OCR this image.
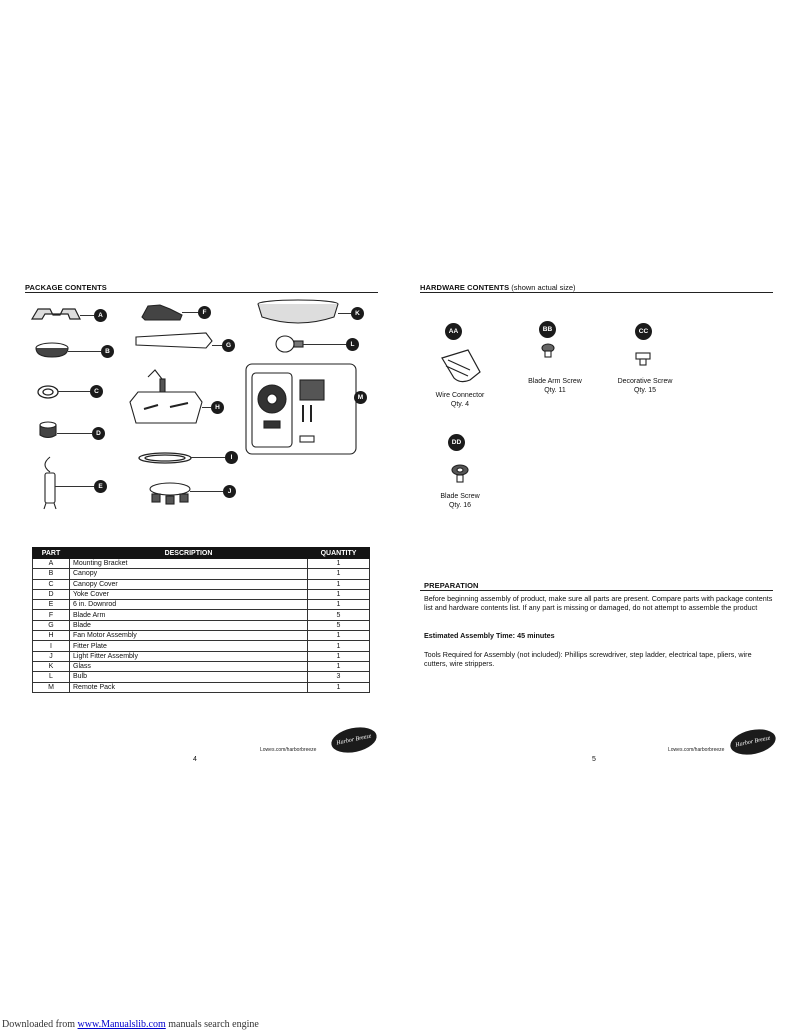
PACKAGE CONTENTS
A
B
C
D
E
F
G
H
I
J
K
L
M
PART	DESCRIPTION	QUANTITY
A	Mounting Bracket	1
B	Canopy	1
C	Canopy Cover	1
D	Yoke Cover	1
E	6 in. Downrod	1
F	Blade Arm	5
G	Blade	5
H	Fan Motor Assembly	1
I	Fitter Plate	1
J	Light Fitter Assembly	1
K	Glass	1
L	Bulb	3
M	Remote Pack	1
Harbor Breeze
Lowes.com/harborbreeze
4
HARDWARE CONTENTS (shown actual size)
AA	BB	CC
DD
Wire Connector
Qty. 4
Blade Arm Screw
Qty. 11
Decorative Screw
Qty. 15
Blade Screw
Qty. 16
PREPARATION
Before beginning assembly of product, make sure all parts are present. Compare parts with package contents list and hardware contents list. If any part is missing or damaged, do not attempt to assemble the product
Estimated Assembly Time: 45 minutes
Tools Required for Assembly (not included): Phillips screwdriver, step ladder, electrical tape, pliers, wire cutters, wire strippers.
Harbor Breeze
Lowes.com/harborbreeze
5
Downloaded from www.Manualslib.com manuals search engine
